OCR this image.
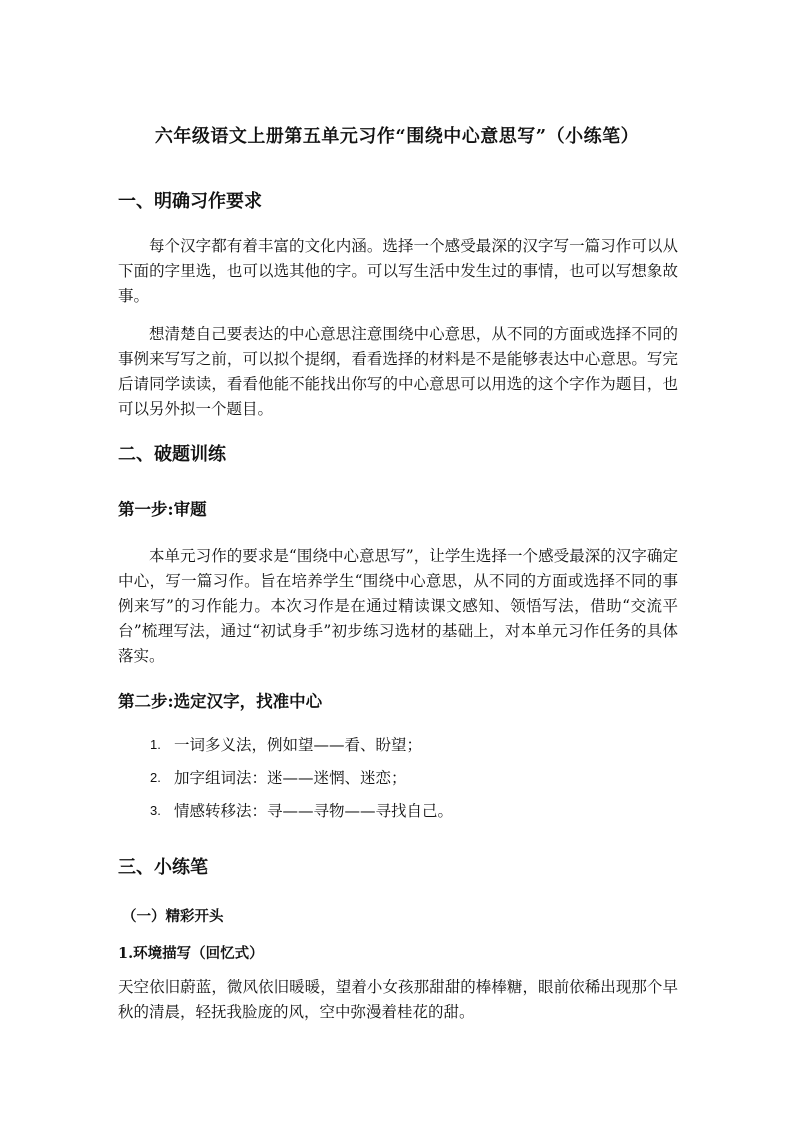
六年级语文上册第五单元习作“围绕中心意思写”（小练笔）
一、明确习作要求
每个汉字都有着丰富的文化内涵。选择一个感受最深的汉字写一篇习作可以从下面的字里选，也可以选其他的字。可以写生活中发生过的事情，也可以写想象故事。
想清楚自己要表达的中心意思注意围绕中心意思，从不同的方面或选择不同的事例来写写之前，可以拟个提纲，看看选择的材料是不是能够表达中心意思。写完后请同学读读，看看他能不能找出你写的中心意思可以用选的这个字作为题目，也可以另外拟一个题目。
二、破题训练
第一步:审题
本单元习作的要求是“围绕中心意思写”，让学生选择一个感受最深的汉字确定中心，写一篇习作。旨在培养学生“围绕中心意思，从不同的方面或选择不同的事例来写”的习作能力。本次习作是在通过精读课文感知、领悟写法，借助“交流平台”梳理写法，通过“初试身手”初步练习选材的基础上，对本单元习作任务的具体落实。
第二步:选定汉字，找准中心
1. 一词多义法，例如望——看、盼望；
2. 加字组词法：迷——迷惘、迷恋；
3. 情感转移法：寻——寻物——寻找自己。
三、小练笔
（一）精彩开头
1.环境描写（回忆式）
天空依旧蔚蓝，微风依旧暖暖，望着小女孩那甜甜的棒棒糖，眼前依稀出现那个早秋的清晨，轻抚我脸庞的风，空中弥漫着桂花的甜。
